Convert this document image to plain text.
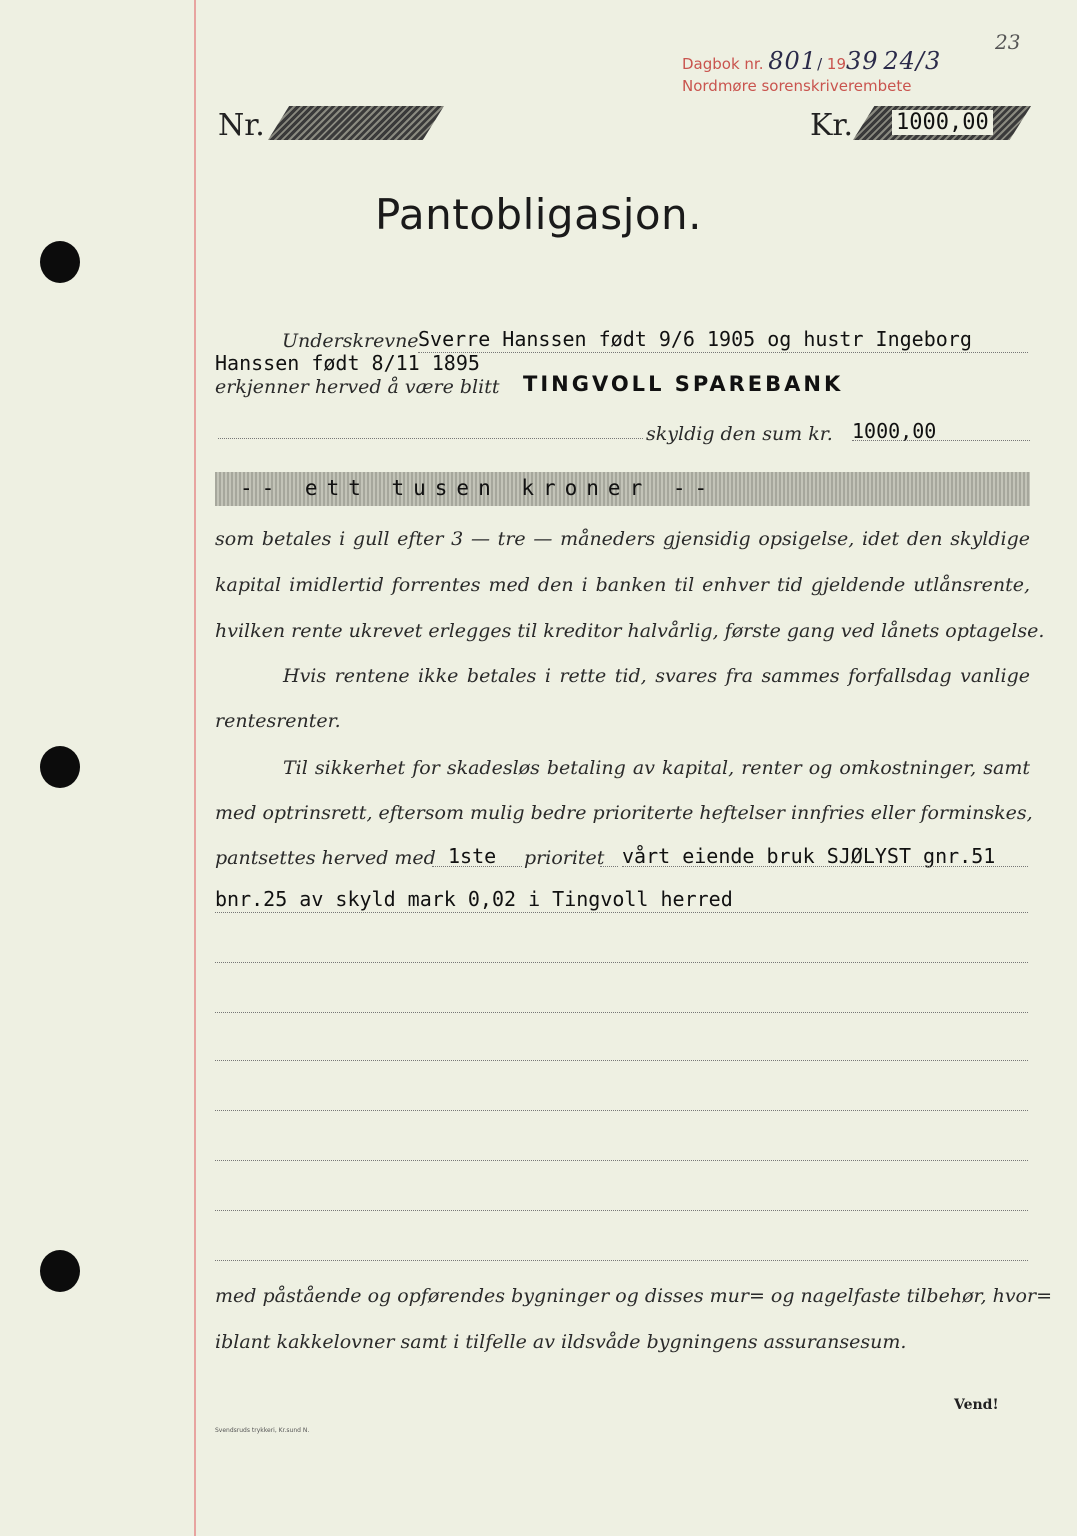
Dagbok nr. 801/ 1939 24/3
Nordmøre sorenskriverembete
23
Nr.	Kr. 1000,00
Pantobligasjon.
Underskrevne Sverre Hanssen født 9/6 1905 og hustr Ingeborg
Hanssen født 8/11 1895
erkjenner herved å være blitt TINGVOLL SPAREBANK
skyldig den sum kr. 1000,00
-- ett tusen kroner --
som betales i gull efter 3 — tre — måneders gjensidig opsigelse, idet den skyldige
kapital imidlertid forrentes med den i banken til enhver tid gjeldende utlånsrente,
hvilken rente ukrevet erlegges til kreditor halvårlig, første gang ved lånets optagelse.
Hvis rentene ikke betales i rette tid, svares fra sammes forfallsdag vanlige
rentesrenter.
Til sikkerhet for skadesløs betaling av kapital, renter og omkostninger, samt
med optrinsrett, eftersom mulig bedre prioriterte heftelser innfries eller forminskes,
pantsettes herved med 1ste prioritet vårt eiende bruk SJØLYST gnr.51
bnr.25 av skyld mark 0,02 i Tingvoll herred
med påstående og opførendes bygninger og disses mur= og nagelfaste tilbehør, hvor=
iblant kakkelovner samt i tilfelle av ildsvåde bygningens assuransesum.
Svendsruds trykkeri, Kr.sund N.
Vend!
